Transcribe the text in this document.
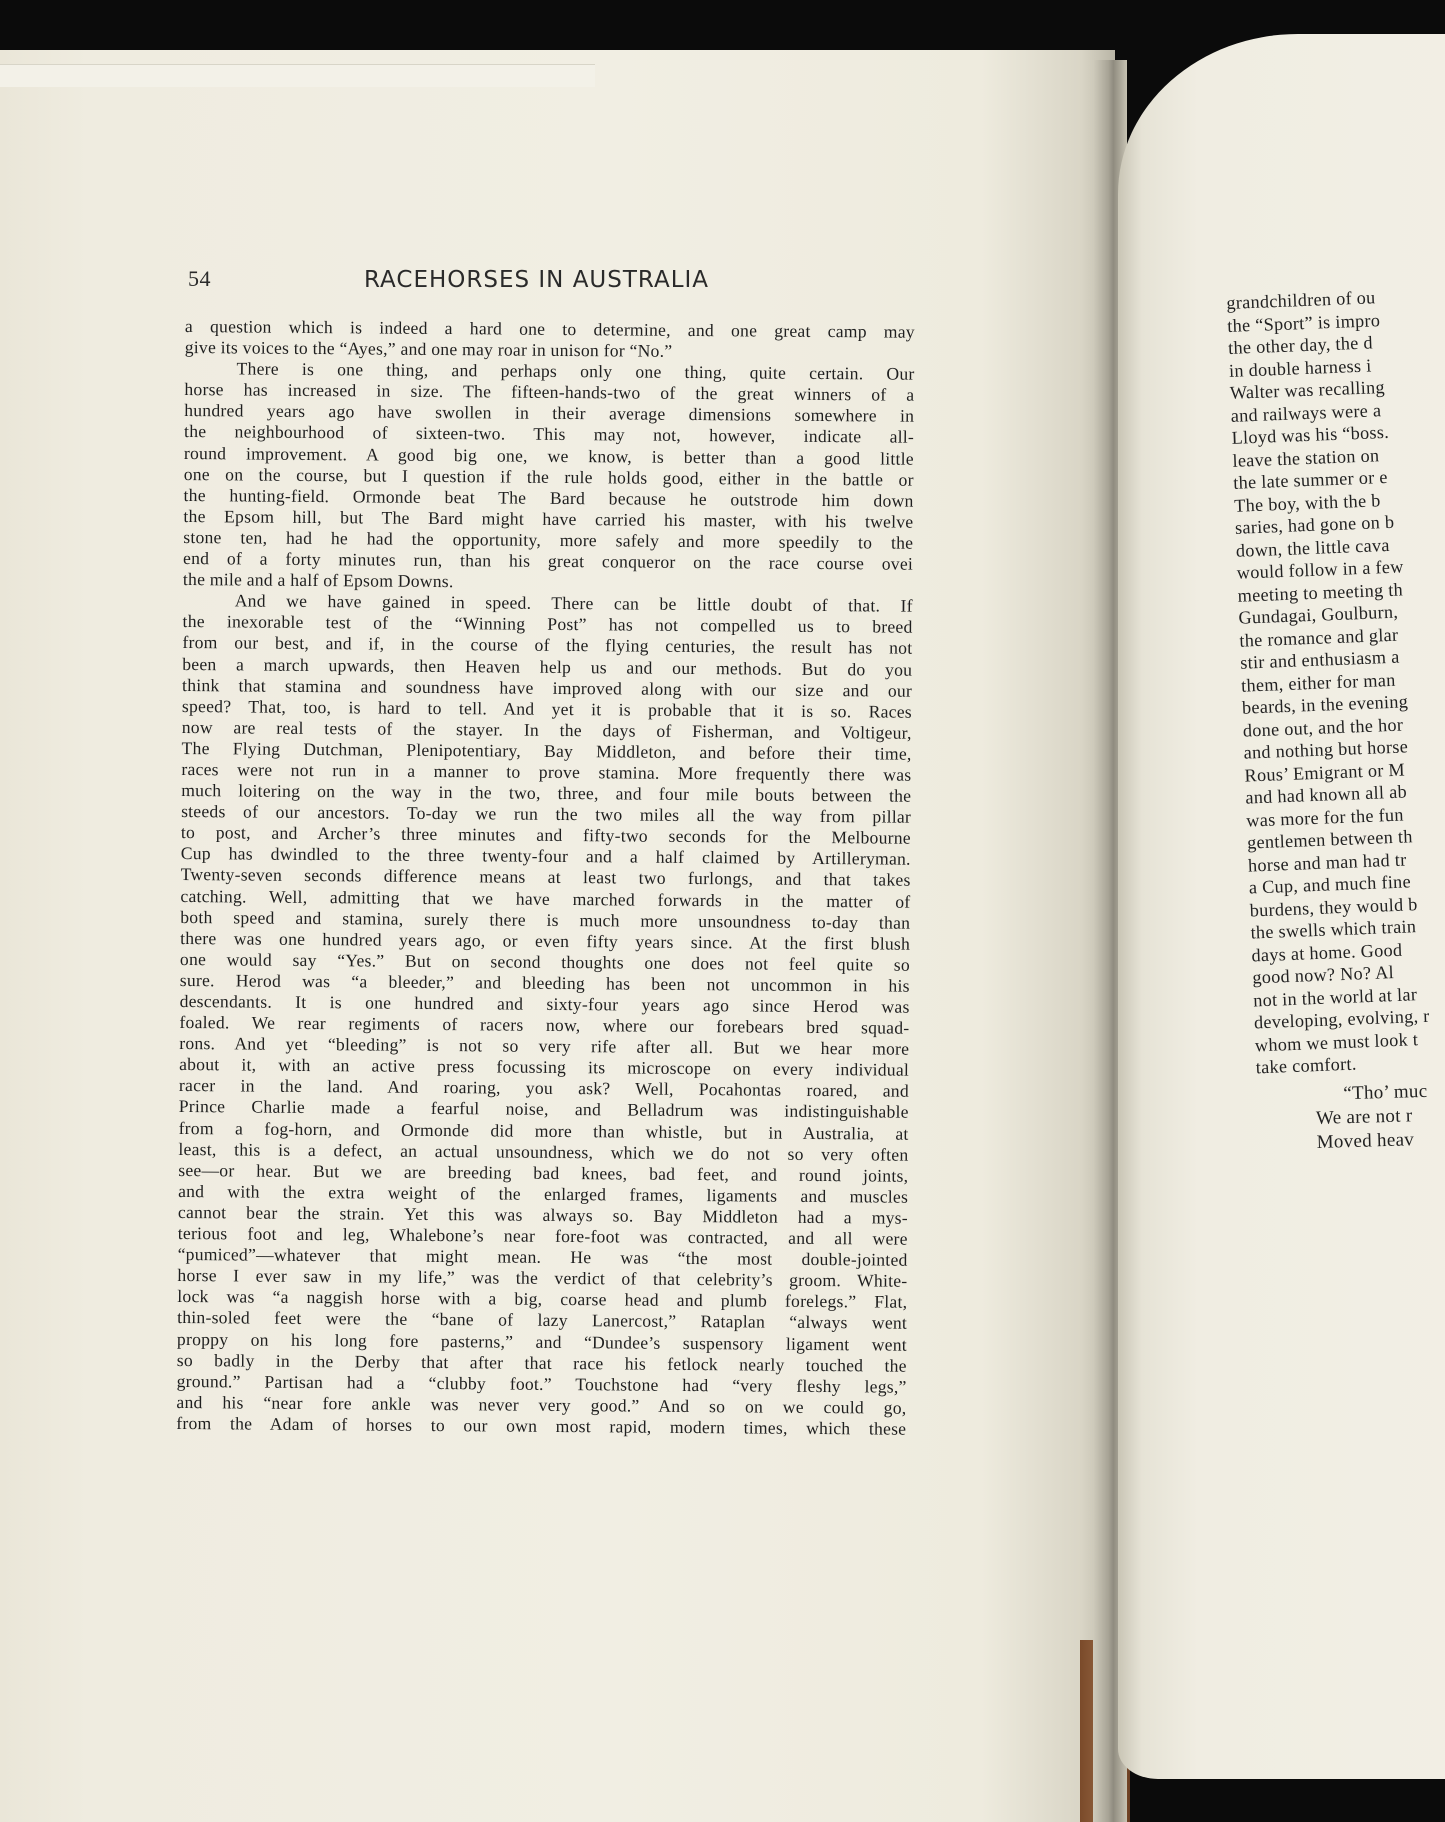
54	RACEHORSES IN AUSTRALIA
a question which is indeed a hard one to determine, and one great camp may
give its voices to the “Ayes,” and one may roar in unison for “No.”
There is one thing, and perhaps only one thing, quite certain. Our
horse has increased in size. The fifteen-hands-two of the great winners of a
hundred years ago have swollen in their average dimensions somewhere in
the neighbourhood of sixteen-two. This may not, however, indicate all-
round improvement. A good big one, we know, is better than a good little
one on the course, but I question if the rule holds good, either in the battle or
the hunting-field. Ormonde beat The Bard because he outstrode him down
the Epsom hill, but The Bard might have carried his master, with his twelve
stone ten, had he had the opportunity, more safely and more speedily to the
end of a forty minutes run, than his great conqueror on the race course ovei
the mile and a half of Epsom Downs.
And we have gained in speed. There can be little doubt of that. If
the inexorable test of the “Winning Post” has not compelled us to breed
from our best, and if, in the course of the flying centuries, the result has not
been a march upwards, then Heaven help us and our methods. But do you
think that stamina and soundness have improved along with our size and our
speed? That, too, is hard to tell. And yet it is probable that it is so. Races
now are real tests of the stayer. In the days of Fisherman, and Voltigeur,
The Flying Dutchman, Plenipotentiary, Bay Middleton, and before their time,
races were not run in a manner to prove stamina. More frequently there was
much loitering on the way in the two, three, and four mile bouts between the
steeds of our ancestors. To-day we run the two miles all the way from pillar
to post, and Archer’s three minutes and fifty-two seconds for the Melbourne
Cup has dwindled to the three twenty-four and a half claimed by Artilleryman.
Twenty-seven seconds difference means at least two furlongs, and that takes
catching. Well, admitting that we have marched forwards in the matter of
both speed and stamina, surely there is much more unsoundness to-day than
there was one hundred years ago, or even fifty years since. At the first blush
one would say “Yes.” But on second thoughts one does not feel quite so
sure. Herod was “a bleeder,” and bleeding has been not uncommon in his
descendants. It is one hundred and sixty-four years ago since Herod was
foaled. We rear regiments of racers now, where our forebears bred squad-
rons. And yet “bleeding” is not so very rife after all. But we hear more
about it, with an active press focussing its microscope on every individual
racer in the land. And roaring, you ask? Well, Pocahontas roared, and
Prince Charlie made a fearful noise, and Belladrum was indistinguishable
from a fog-horn, and Ormonde did more than whistle, but in Australia, at
least, this is a defect, an actual unsoundness, which we do not so very often
see—or hear. But we are breeding bad knees, bad feet, and round joints,
and with the extra weight of the enlarged frames, ligaments and muscles
cannot bear the strain. Yet this was always so. Bay Middleton had a mys-
terious foot and leg, Whalebone’s near fore-foot was contracted, and all were
“pumiced”—whatever that might mean. He was “the most double-jointed
horse I ever saw in my life,” was the verdict of that celebrity’s groom. White-
lock was “a naggish horse with a big, coarse head and plumb forelegs.” Flat,
thin-soled feet were the “bane of lazy Lanercost,” Rataplan “always went
proppy on his long fore pasterns,” and “Dundee’s suspensory ligament went
so badly in the Derby that after that race his fetlock nearly touched the
ground.” Partisan had a “clubby foot.” Touchstone had “very fleshy legs,”
and his “near fore ankle was never very good.” And so on we could go,
from the Adam of horses to our own most rapid, modern times, which these
grandchildren of ou
the “Sport” is impro
the other day, the d
in double harness i
Walter was recalling
and railways were a
Lloyd was his “boss.
leave the station on
the late summer or e
The boy, with the b
saries, had gone on b
down, the little cava
would follow in a few
meeting to meeting th
Gundagai, Goulburn,
the romance and glar
stir and enthusiasm a
them, either for man
beards, in the evening
done out, and the hor
and nothing but horse
Rous’ Emigrant or M
and had known all ab
was more for the fun
gentlemen between th
horse and man had tr
a Cup, and much fine
burdens, they would b
the swells which train
days at home. Good
good now? No? Al
not in the world at lar
developing, evolving, r
whom we must look t
take comfort.
“Tho’ muc
We are not r
Moved heav
